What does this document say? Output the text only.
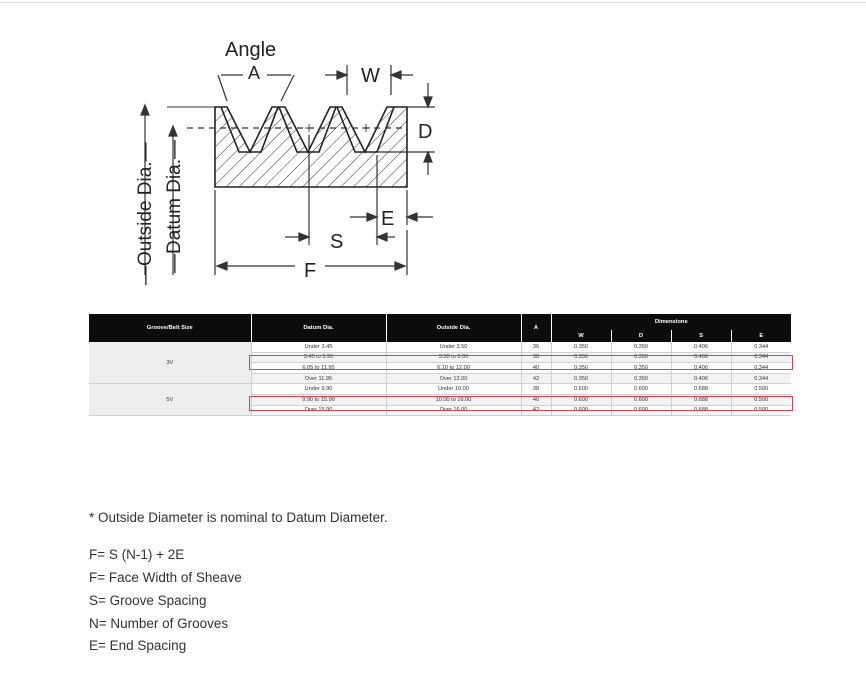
—Outside Dia.— —Datum Dia.—
Angle
A	W
D
E
S
F
Groove/Belt Size	Datum Dia.	Outside Dia.	A	Dimensions			
				W	D	S	E
3V	Under 3.45	Under 3.50	36	0.350	0.350	0.406	0.344
	3.45 to 5.95	3.50 to 6.00	38	0.350	0.350	0.406	0.344
	6.05 to 11.95	6.10 to 12.00	40	0.350	0.350	0.406	0.344
	Over 11.95	Over 12.00	42	0.350	0.350	0.406	0.344
5V	Under 9.90	Under 10.00	38	0.600	0.600	0.688	0.500
	9.90 to 15.90	10.00 to 16.00	40	0.600	0.600	0.688	0.500
	Over 15.90	Over 16.00	42	0.600	0.600	0.688	0.500
* Outside Diameter is nominal to Datum Diameter.
F= S (N-1) + 2E
F= Face Width of Sheave
S= Groove Spacing
N= Number of Grooves
E= End Spacing
